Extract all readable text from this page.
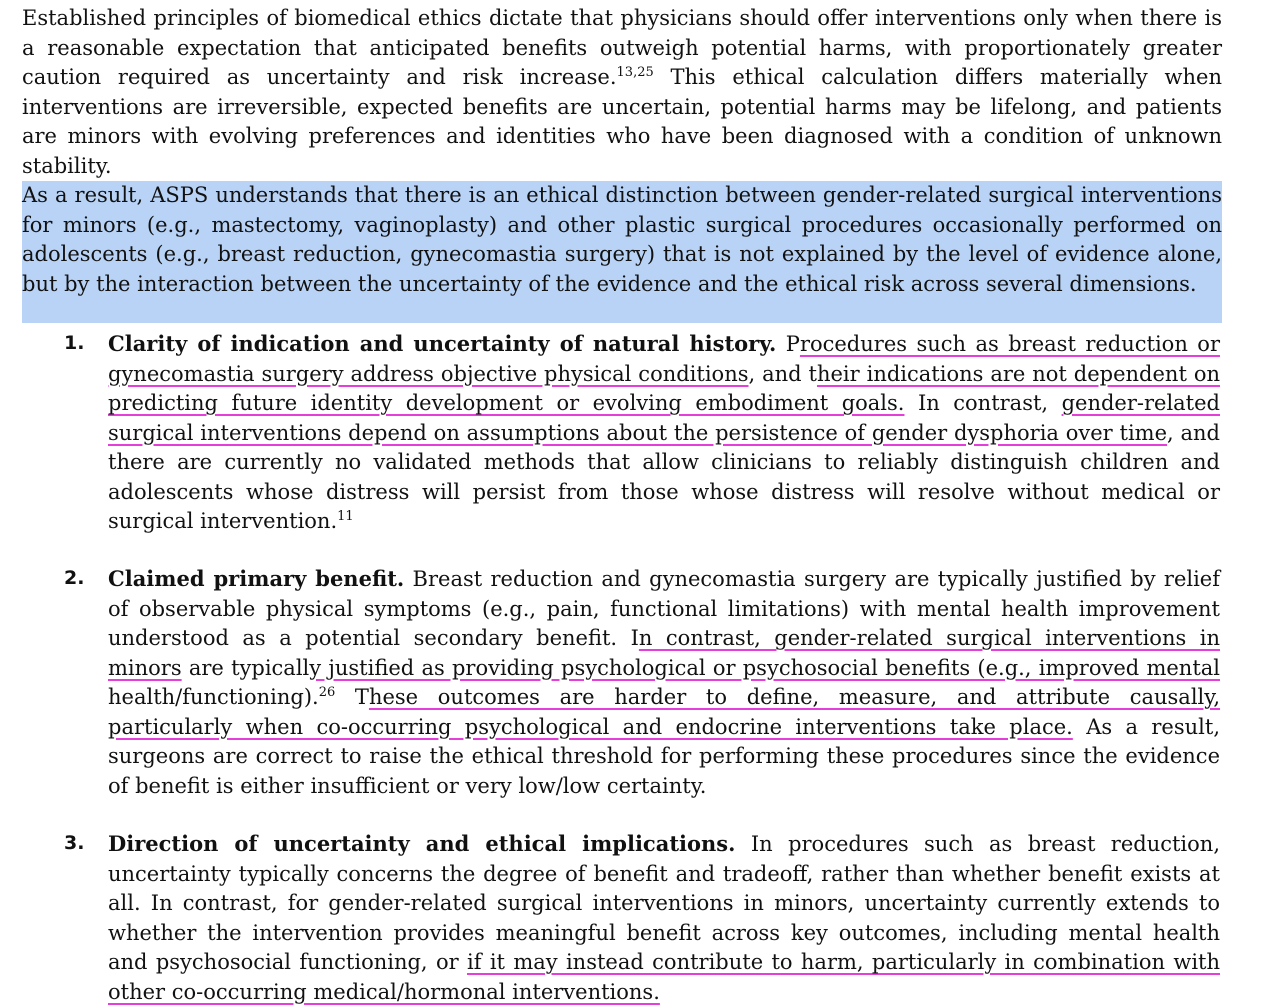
Established principles of biomedical ethics dictate that physicians should offer interventions only when there is a reasonable expectation that anticipated benefits outweigh potential harms, with proportionately greater caution required as uncertainty and risk increase.$^{13,25}$ This ethical calculation differs materially when interventions are irreversible, expected benefits are uncertain, potential harms may be lifelong, and patients are minors with evolving preferences and identities who have been diagnosed with a condition of unknown stability.

As a result, ASPS understands that there is an ethical distinction between gender-related surgical interventions for minors (e.g., mastectomy, vaginoplasty) and other plastic surgical procedures occasionally performed on adolescents (e.g., breast reduction, gynecomastia surgery) that is not explained by the level of evidence alone, but by the interaction between the uncertainty of the evidence and the ethical risk across several dimensions.

1. Clarity of indication and uncertainty of natural history. Procedures such as breast reduction or gynecomastia surgery address objective physical conditions, and their indications are not dependent on predicting future identity development or evolving embodiment goals. In contrast, gender-related surgical interventions depend on assumptions about the persistence of gender dysphoria over time, and there are currently no validated methods that allow clinicians to reliably distinguish children and adolescents whose distress will persist from those whose distress will resolve without medical or surgical intervention.$^{11}$

2. Claimed primary benefit. Breast reduction and gynecomastia surgery are typically justified by relief of observable physical symptoms (e.g., pain, functional limitations) with mental health improvement understood as a potential secondary benefit. In contrast, gender-related surgical interventions in minors are typically justified as providing psychological or psychosocial benefits (e.g., improved mental health/functioning).$^{26}$ These outcomes are harder to define, measure, and attribute causally, particularly when co-occurring psychological and endocrine interventions take place. As a result, surgeons are correct to raise the ethical threshold for performing these procedures since the evidence of benefit is either insufficient or very low/low certainty.

3. Direction of uncertainty and ethical implications. In procedures such as breast reduction, uncertainty typically concerns the degree of benefit and tradeoff, rather than whether benefit exists at all. In contrast, for gender-related surgical interventions in minors, uncertainty currently extends to whether the intervention provides meaningful benefit across key outcomes, including mental health and psychosocial functioning, or if it may instead contribute to harm, particularly in combination with other co-occurring medical/hormonal interventions.
